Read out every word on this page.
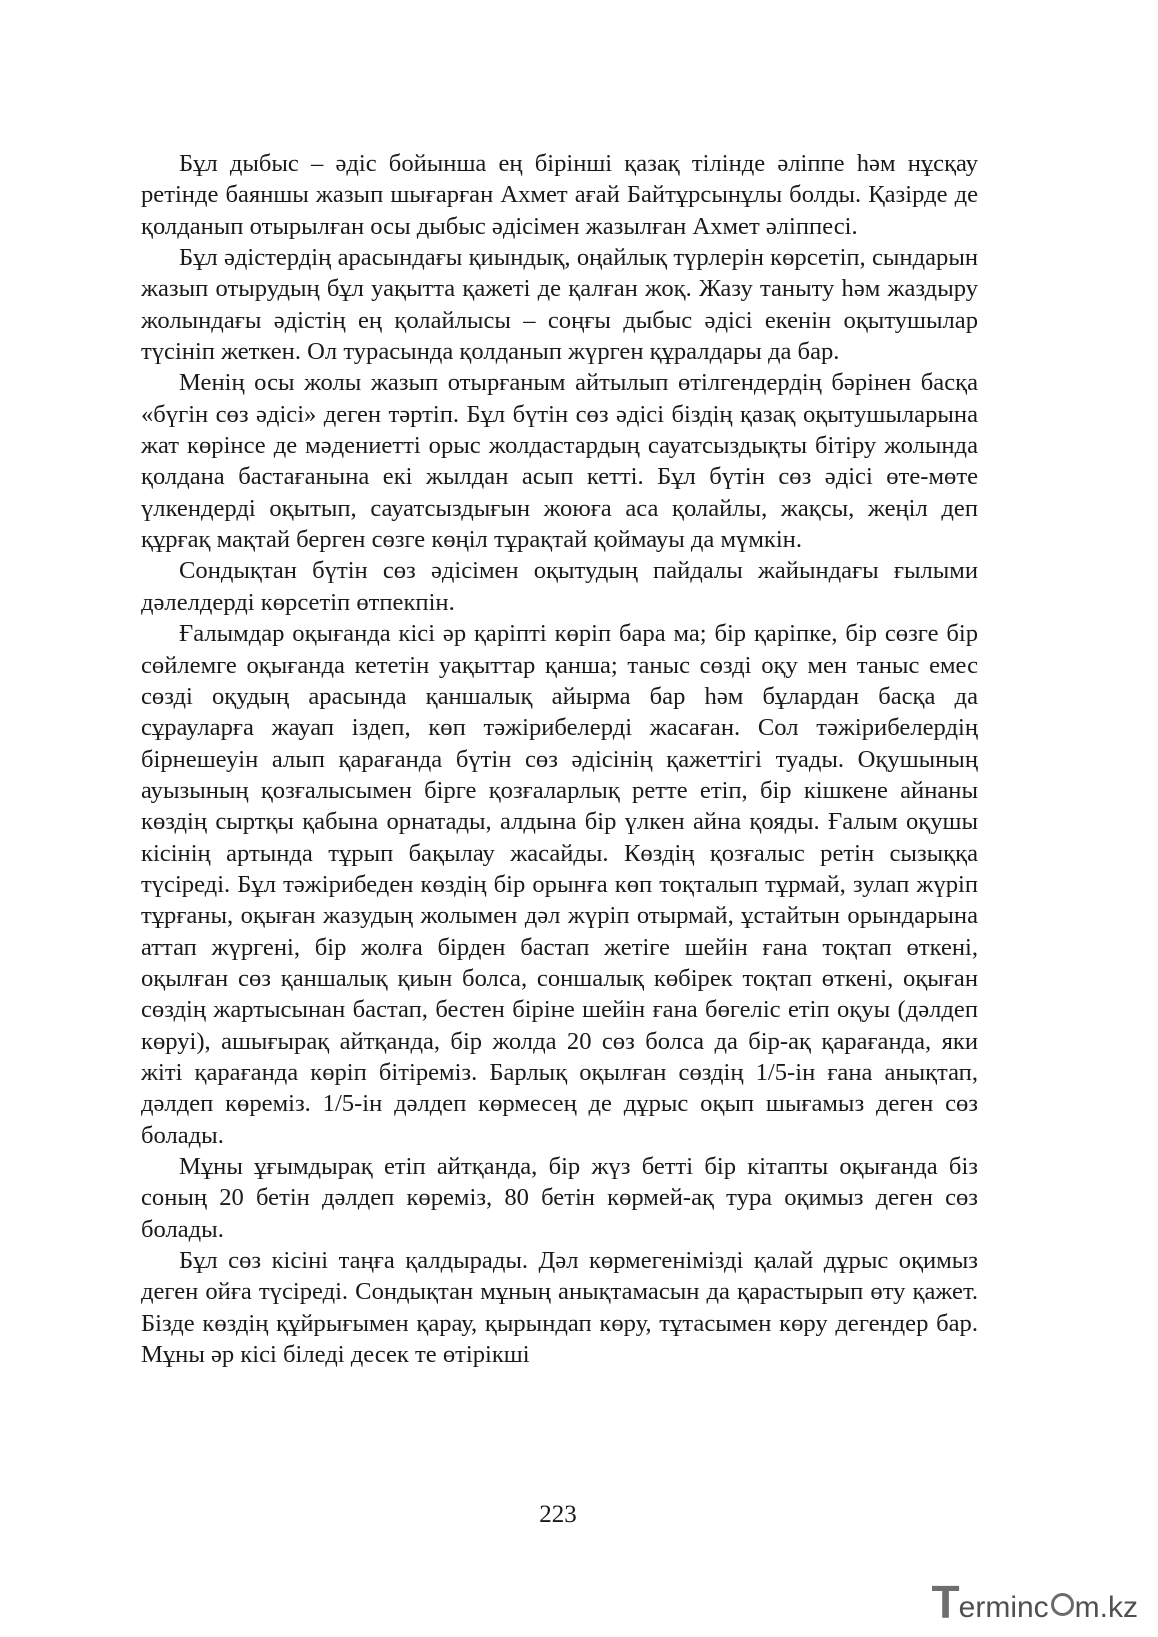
Бұл дыбыс – әдіс бойынша ең бірінші қазақ тілінде әліппе һәм нұсқау ретінде баяншы жазып шығарған Ахмет ағай Байтұрсынұлы болды. Қазірде де қолданып отырылған осы дыбыс әдісімен жазылған Ахмет әліппесі.

Бұл әдістердің арасындағы қиындық, оңайлық түрлерін көрсетіп, сындарын жазып отырудың бұл уақытта қажеті де қалған жоқ. Жазу таныту һәм жаздыру жолындағы әдістің ең қолайлысы – соңғы дыбыс әдісі екенін оқытушылар түсініп жеткен. Ол турасында қолданып жүрген құралдары да бар.

Менің осы жолы жазып отырғаным айтылып өтілгендердің бәрінен басқа «бүгін сөз әдісі» деген тәртіп. Бұл бүтін сөз әдісі біздің қазақ оқытушыларына жат көрінсе де мәдениетті орыс жолдастардың сауатсыздықты бітіру жолында қолдана бастағанына екі жылдан асып кетті. Бұл бүтін сөз әдісі өте-мөте үлкендерді оқытып, сауатсыздығын жоюға аса қолайлы, жақсы, жеңіл деп құрғақ мақтай берген сөзге көңіл тұрақтай қоймауы да мүмкін.

Сондықтан бүтін сөз әдісімен оқытудың пайдалы жайындағы ғылыми дәлелдерді көрсетіп өтпекпін.

Ғалымдар оқығанда кісі әр қаріпті көріп бара ма; бір қаріпке, бір сөзге бір сөйлемге оқығанда кететін уақыттар қанша; таныс сөзді оқу мен таныс емес сөзді оқудың арасында қаншалық айырма бар һәм бұлардан басқа да сұрауларға жауап іздеп, көп тәжірибелерді жасаған. Сол тәжірибелердің бірнешеуін алып қарағанда бүтін сөз әдісінің қажеттігі туады. Оқушының ауызының қозғалысымен бірге қозғаларлық ретте етіп, бір кішкене айнаны көздің сыртқы қабына орнатады, алдына бір үлкен айна қояды. Ғалым оқушы кісінің артында тұрып бақылау жасайды. Көздің қозғалыс ретін сызыққа түсіреді. Бұл тәжірибеден көздің бір орынға көп тоқталып тұрмай, зулап жүріп тұрғаны, оқыған жазудың жолымен дәл жүріп отырмай, ұстайтын орындарына аттап жүргені, бір жолға бірден бастап жетіге шейін ғана тоқтап өткені, оқылған сөз қаншалық қиын болса, соншалық көбірек тоқтап өткені, оқыған сөздің жартысынан бастап, бестен біріне шейін ғана бөгеліс етіп оқуы (дәлдеп көруі), ашығырақ айтқанда, бір жолда 20 сөз болса да бір-ақ қарағанда, яки жіті қарағанда көріп бітіреміз. Барлық оқылған сөздің 1/5-ін ғана анықтап, дәлдеп көреміз. 1/5-ін дәлдеп көрмесең де дұрыс оқып шығамыз деген сөз болады.

Мұны ұғымдырақ етіп айтқанда, бір жүз бетті бір кітапты оқығанда біз соның 20 бетін дәлдеп көреміз, 80 бетін көрмей-ақ тура оқимыз деген сөз болады.

Бұл сөз кісіні таңға қалдырады. Дәл көрмегенімізді қалай дұрыс оқимыз деген ойға түсіреді. Сондықтан мұның анықтамасын да қарастырып өту қажет. Бізде көздің құйрығымен қарау, қырындап көру, тұтасымен көру дегендер бар. Мұны әр кісі біледі десек те өтірікші

223
T erminc m.kz
